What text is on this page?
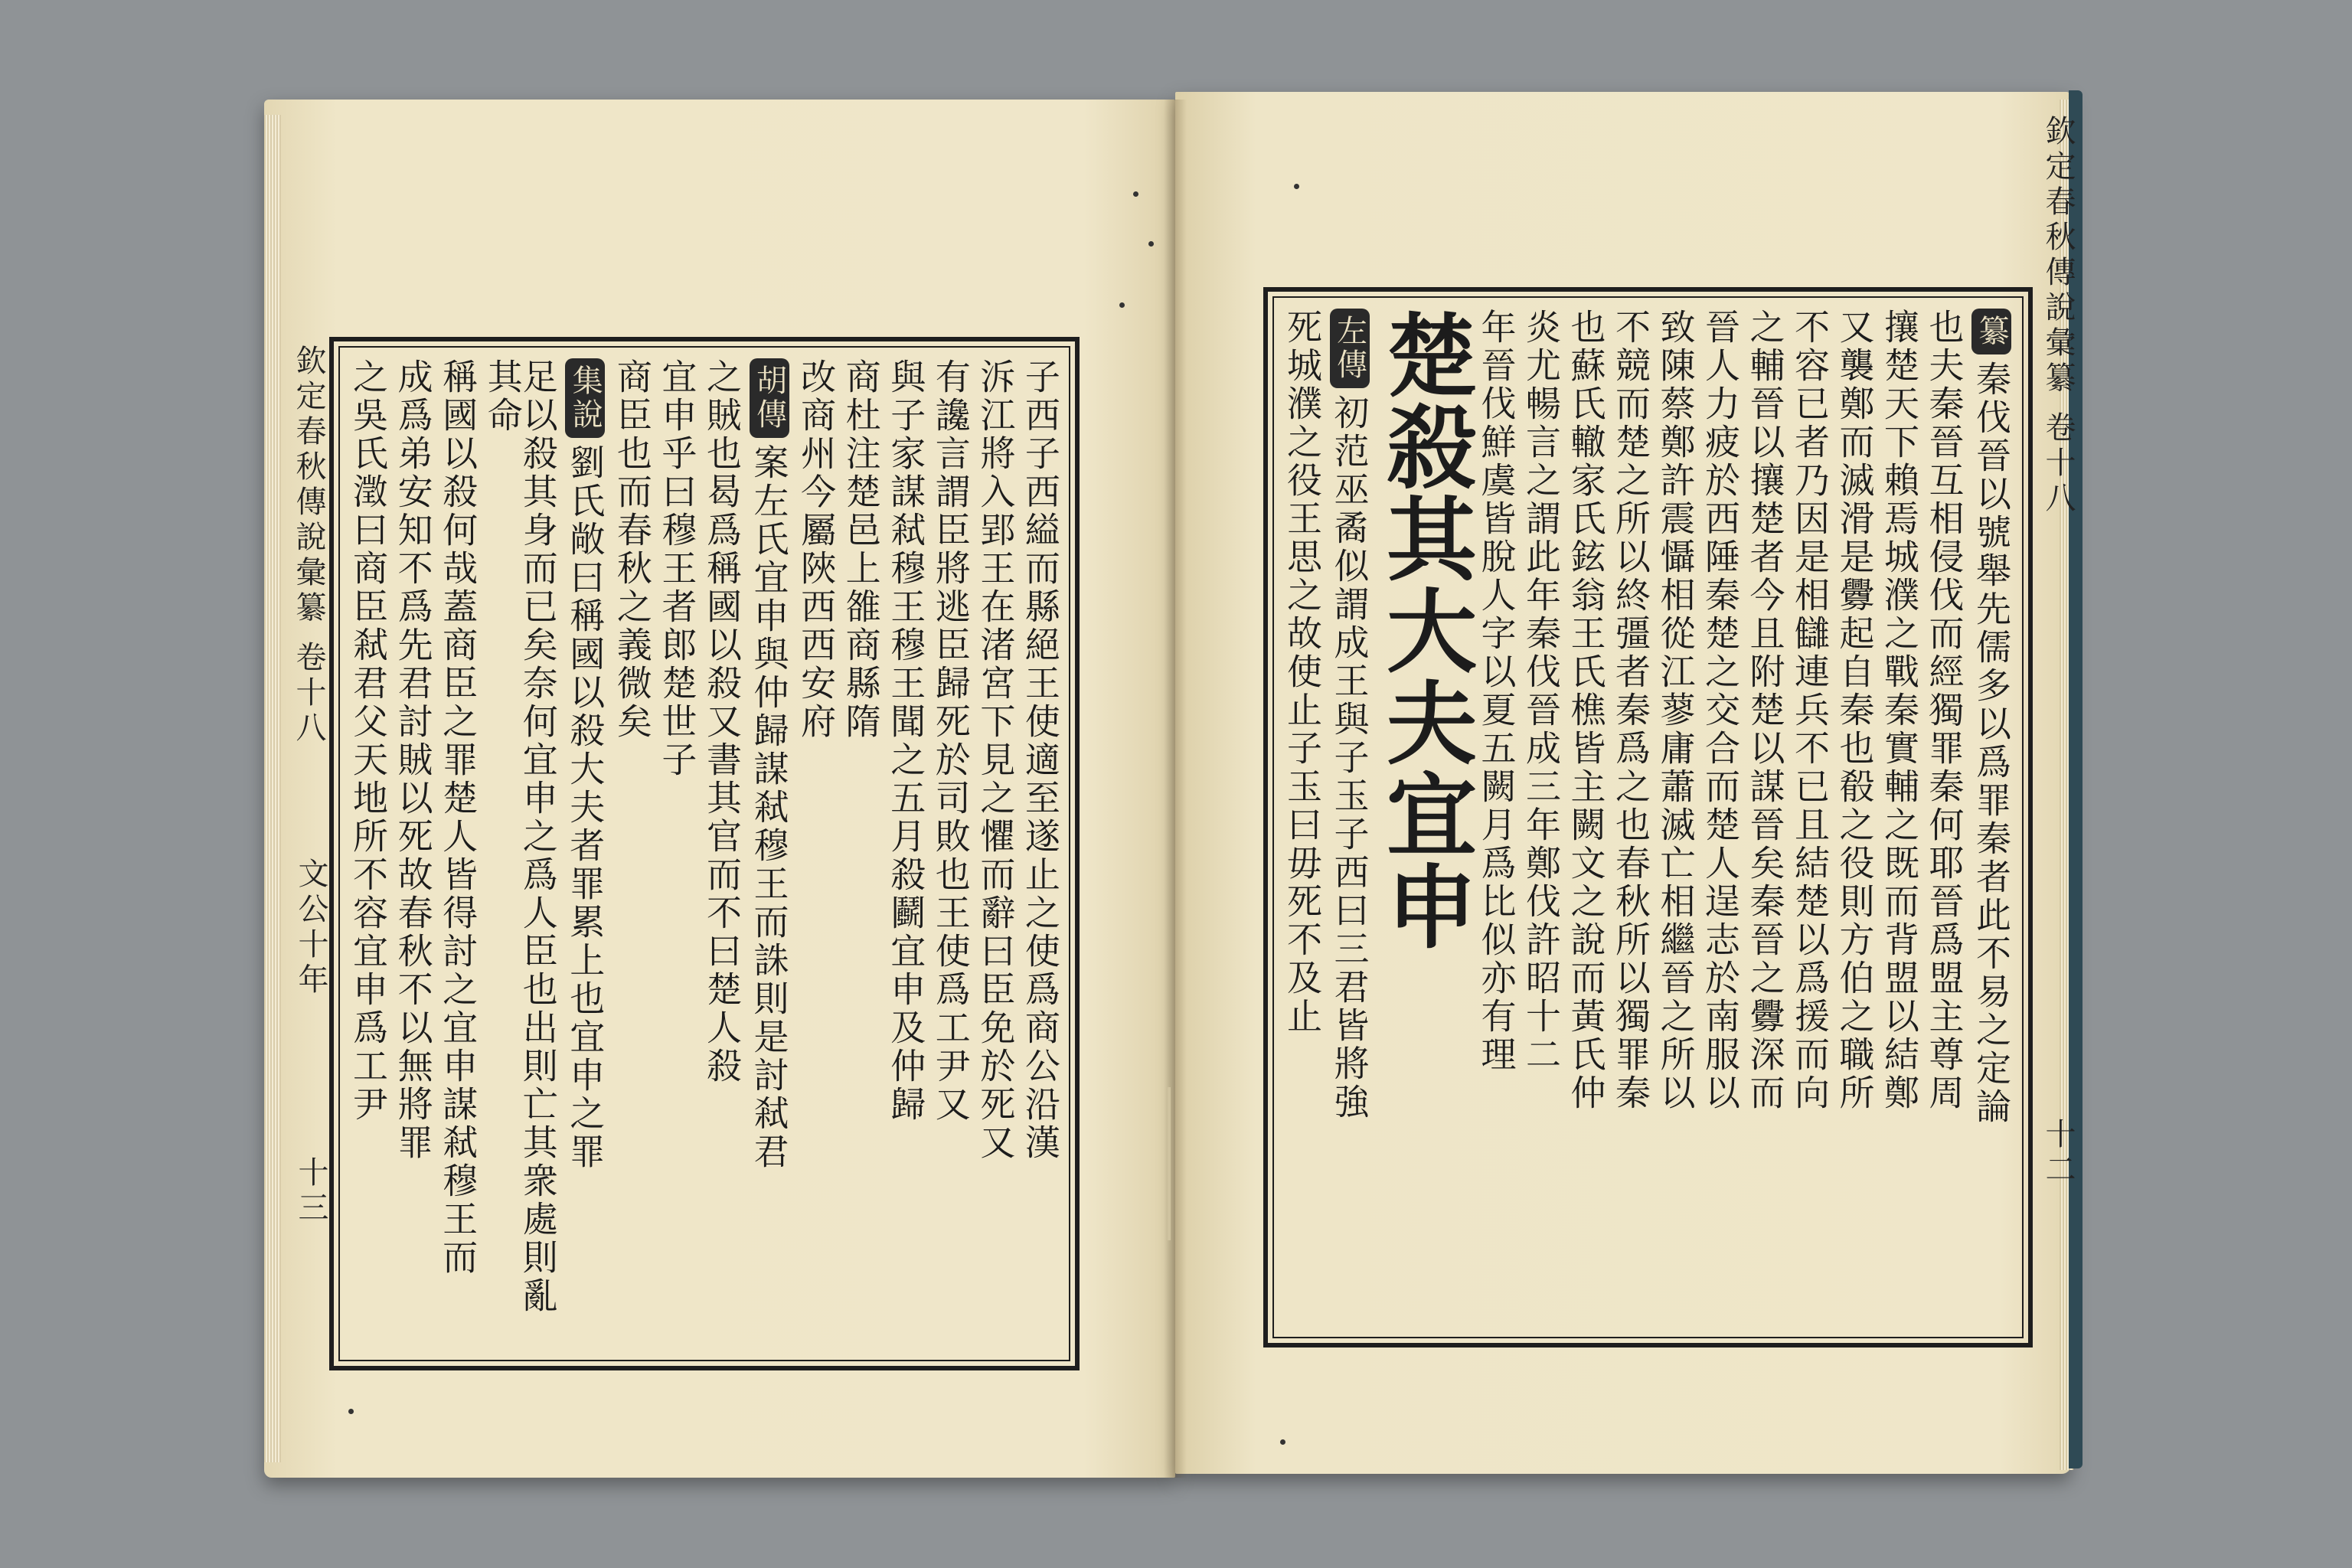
欽定春秋傳說彙纂 卷十八
文公十年
十三
欽定春秋傳說彙纂 卷十八
十二
子西子西縊而縣絕王使適至遂止之使爲商公沿漢
泝江將入郢王在渚宮下見之懼而辭曰臣免於死又
有讒言謂臣將逃臣歸死於司敗也王使爲工尹又
與子家謀弒穆王穆王聞之五月殺鬬宜申及仲歸
商杜注楚邑上雒商縣隋
改商州今屬陜西西安府
胡傳案左氏宜申與仲歸謀弒穆王而誅則是討弒君
之賊也曷爲稱國以殺又書其官而不曰楚人殺
宜申乎曰穆王者郎楚世子
商臣也而春秋之義微矣
集說劉氏敞曰稱國以殺大夫者罪累上也宜申之罪
足以殺其身而已矣奈何宜申之爲人臣也出則亡其衆處則亂其命
稱國以殺何哉蓋商臣之罪楚人皆得討之宜申謀弒穆王而
成爲弟安知不爲先君討賊以死故春秋不以無將罪
之吳氏澂曰商臣弒君父天地所不容宜申爲工尹
纂秦伐晉以號舉先儒多以爲罪秦者此不易之定論
也夫秦晉互相侵伐而經獨罪秦何耶晉爲盟主尊周
攘楚天下賴焉城濮之戰秦實輔之既而背盟以結鄭
又襲鄭而滅滑是釁起自秦也殽之役則方伯之職所
不容已者乃因是相讎連兵不已且結楚以爲援而向
之輔晉以攘楚者今且附楚以謀晉矣秦晉之釁深而
晉人力疲於西陲秦楚之交合而楚人逞志於南服以
致陳蔡鄭許震懾相從江蓼庸蕭滅亡相繼晉之所以
不競而楚之所以終彊者秦爲之也春秋所以獨罪秦
也蘇氏轍家氏鉉翁王氏樵皆主闕文之說而黃氏仲
炎尤暢言之謂此年秦伐晉成三年鄭伐許昭十二
年晉伐鮮虞皆脫人字以夏五闕月爲比似亦有理
楚殺其大夫宜申
左傳初范巫矞似謂成王與子玉子西曰三君皆將強
死城濮之役王思之故使止子玉曰毋死不及止
